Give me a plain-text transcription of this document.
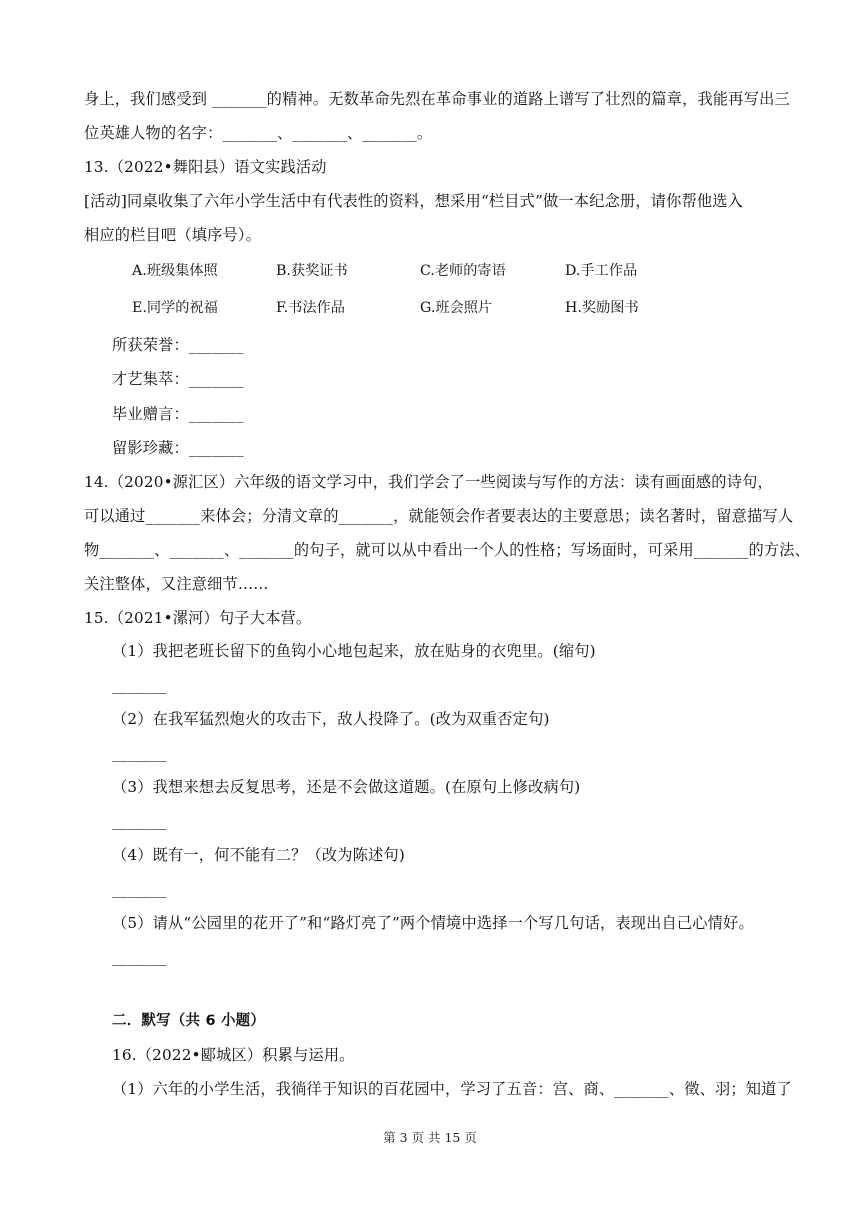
身上，我们感受到 _______的精神。无数革命先烈在革命事业的道路上谱写了壮烈的篇章，我能再写出三
位英雄人物的名字：_______、_______、_______。
13.（2022•舞阳县）语文实践活动
[活动]同桌收集了六年小学生活中有代表性的资料，想采用“栏目式”做一本纪念册，请你帮他选入
相应的栏目吧（填序号）。
A.班级集体照	B.获奖证书	C.老师的寄语	D.手工作品
E.同学的祝福	F.书法作品	G.班会照片	H.奖励图书
所获荣誉：_______
才艺集萃：_______
毕业赠言：_______
留影珍藏：_______
14.（2020•源汇区）六年级的语文学习中，我们学会了一些阅读与写作的方法：读有画面感的诗句，
可以通过_______来体会；分清文章的_______，就能领会作者要表达的主要意思；读名著时，留意描写人
物_______、_______、_______的句子，就可以从中看出一个人的性格；写场面时，可采用_______的方法、
关注整体，又注意细节……
15.（2021•漯河）句子大本营。
（1）我把老班长留下的鱼钩小心地包起来，放在贴身的衣兜里。(缩句)
_______
（2）在我军猛烈炮火的攻击下，敌人投降了。(改为双重否定句)
_______
（3）我想来想去反复思考，还是不会做这道题。(在原句上修改病句)
_______
（4）既有一，何不能有二？（改为陈述句)
_______
（5）请从“公园里的花开了”和“路灯亮了”两个情境中选择一个写几句话，表现出自己心情好。
_______
二．默写（共 6 小题）
16.（2022•郾城区）积累与运用。
（1）六年的小学生活，我徜徉于知识的百花园中，学习了五音：宫、商、_______、徵、羽；知道了
第 3 页 共 15 页
